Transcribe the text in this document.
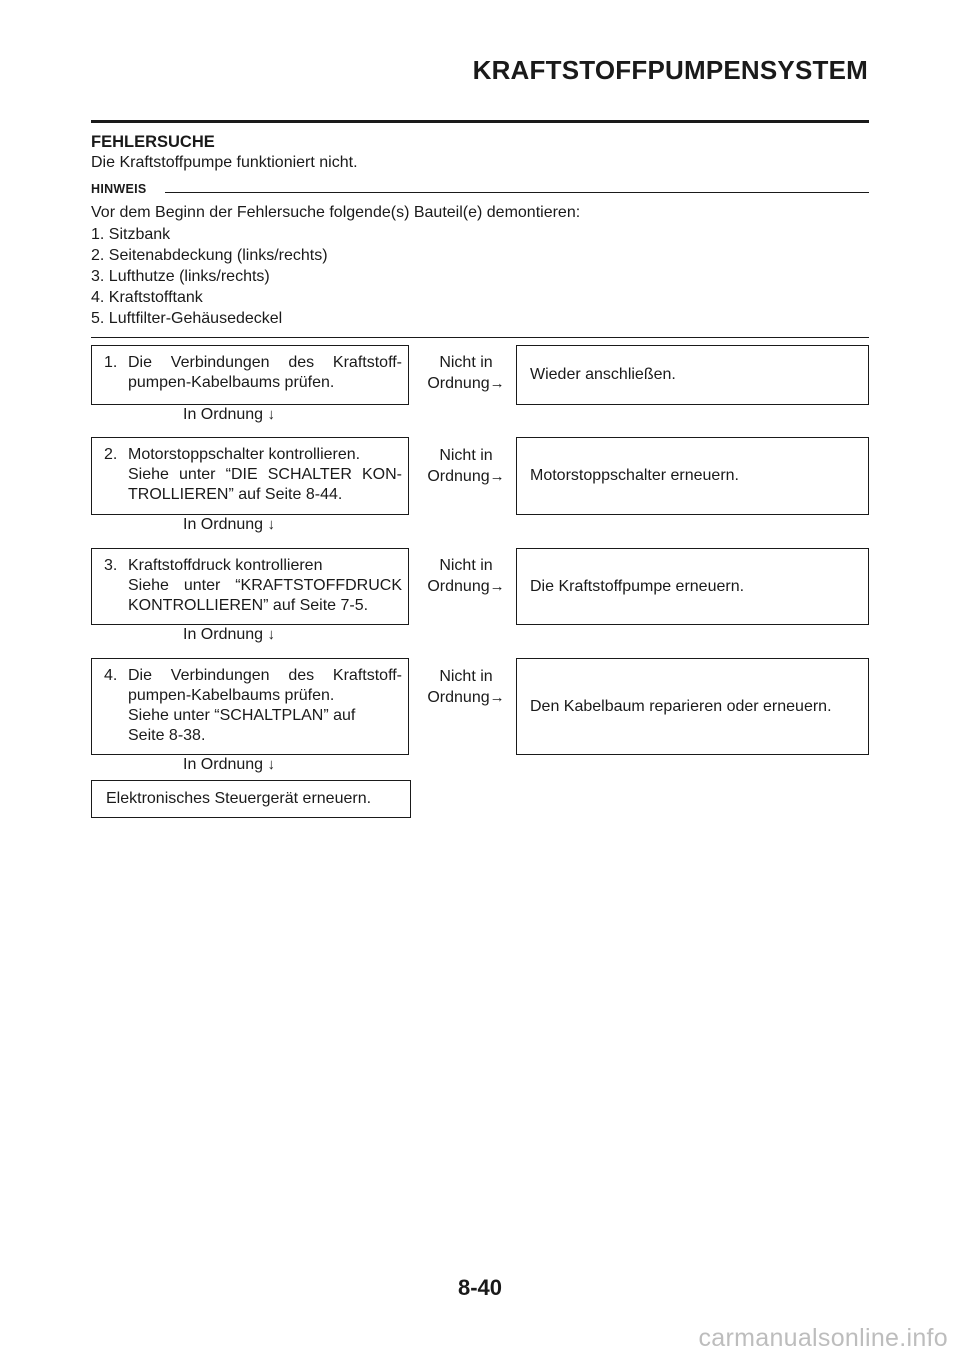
KRAFTSTOFFPUMPENSYSTEM
FEHLERSUCHE
Die Kraftstoffpumpe funktioniert nicht.
HINWEIS
Vor dem Beginn der Fehlersuche folgende(s) Bauteil(e) demontieren:
1. Sitzbank
2. Seitenabdeckung (links/rechts)
3. Lufthutze (links/rechts)
4. Kraftstofftank
5. Luftfilter-Gehäusedeckel
1. Die Verbindungen des Kraftstoff-
pumpen-Kabelbaums prüfen.
Nicht in
Ordnung→
Wieder anschließen.
In Ordnung ↓
2. Motorstoppschalter kontrollieren.
Siehe unter “DIE SCHALTER KON-
TROLLIEREN” auf Seite 8-44.
Nicht in
Ordnung→	Motorstoppschalter erneuern.
In Ordnung ↓
3. Kraftstoffdruck kontrollieren
Siehe unter “KRAFTSTOFFDRUCK
KONTROLLIEREN” auf Seite 7-5.
Nicht in
Ordnung→	Die Kraftstoffpumpe erneuern.
In Ordnung ↓
4. Die Verbindungen des Kraftstoff-
pumpen-Kabelbaums prüfen.
Siehe unter “SCHALTPLAN” auf
Seite 8-38.
Nicht in
Ordnung→	Den Kabelbaum reparieren oder erneuern.
In Ordnung ↓
Elektronisches Steuergerät erneuern.
8-40
carmanualsonline.info
